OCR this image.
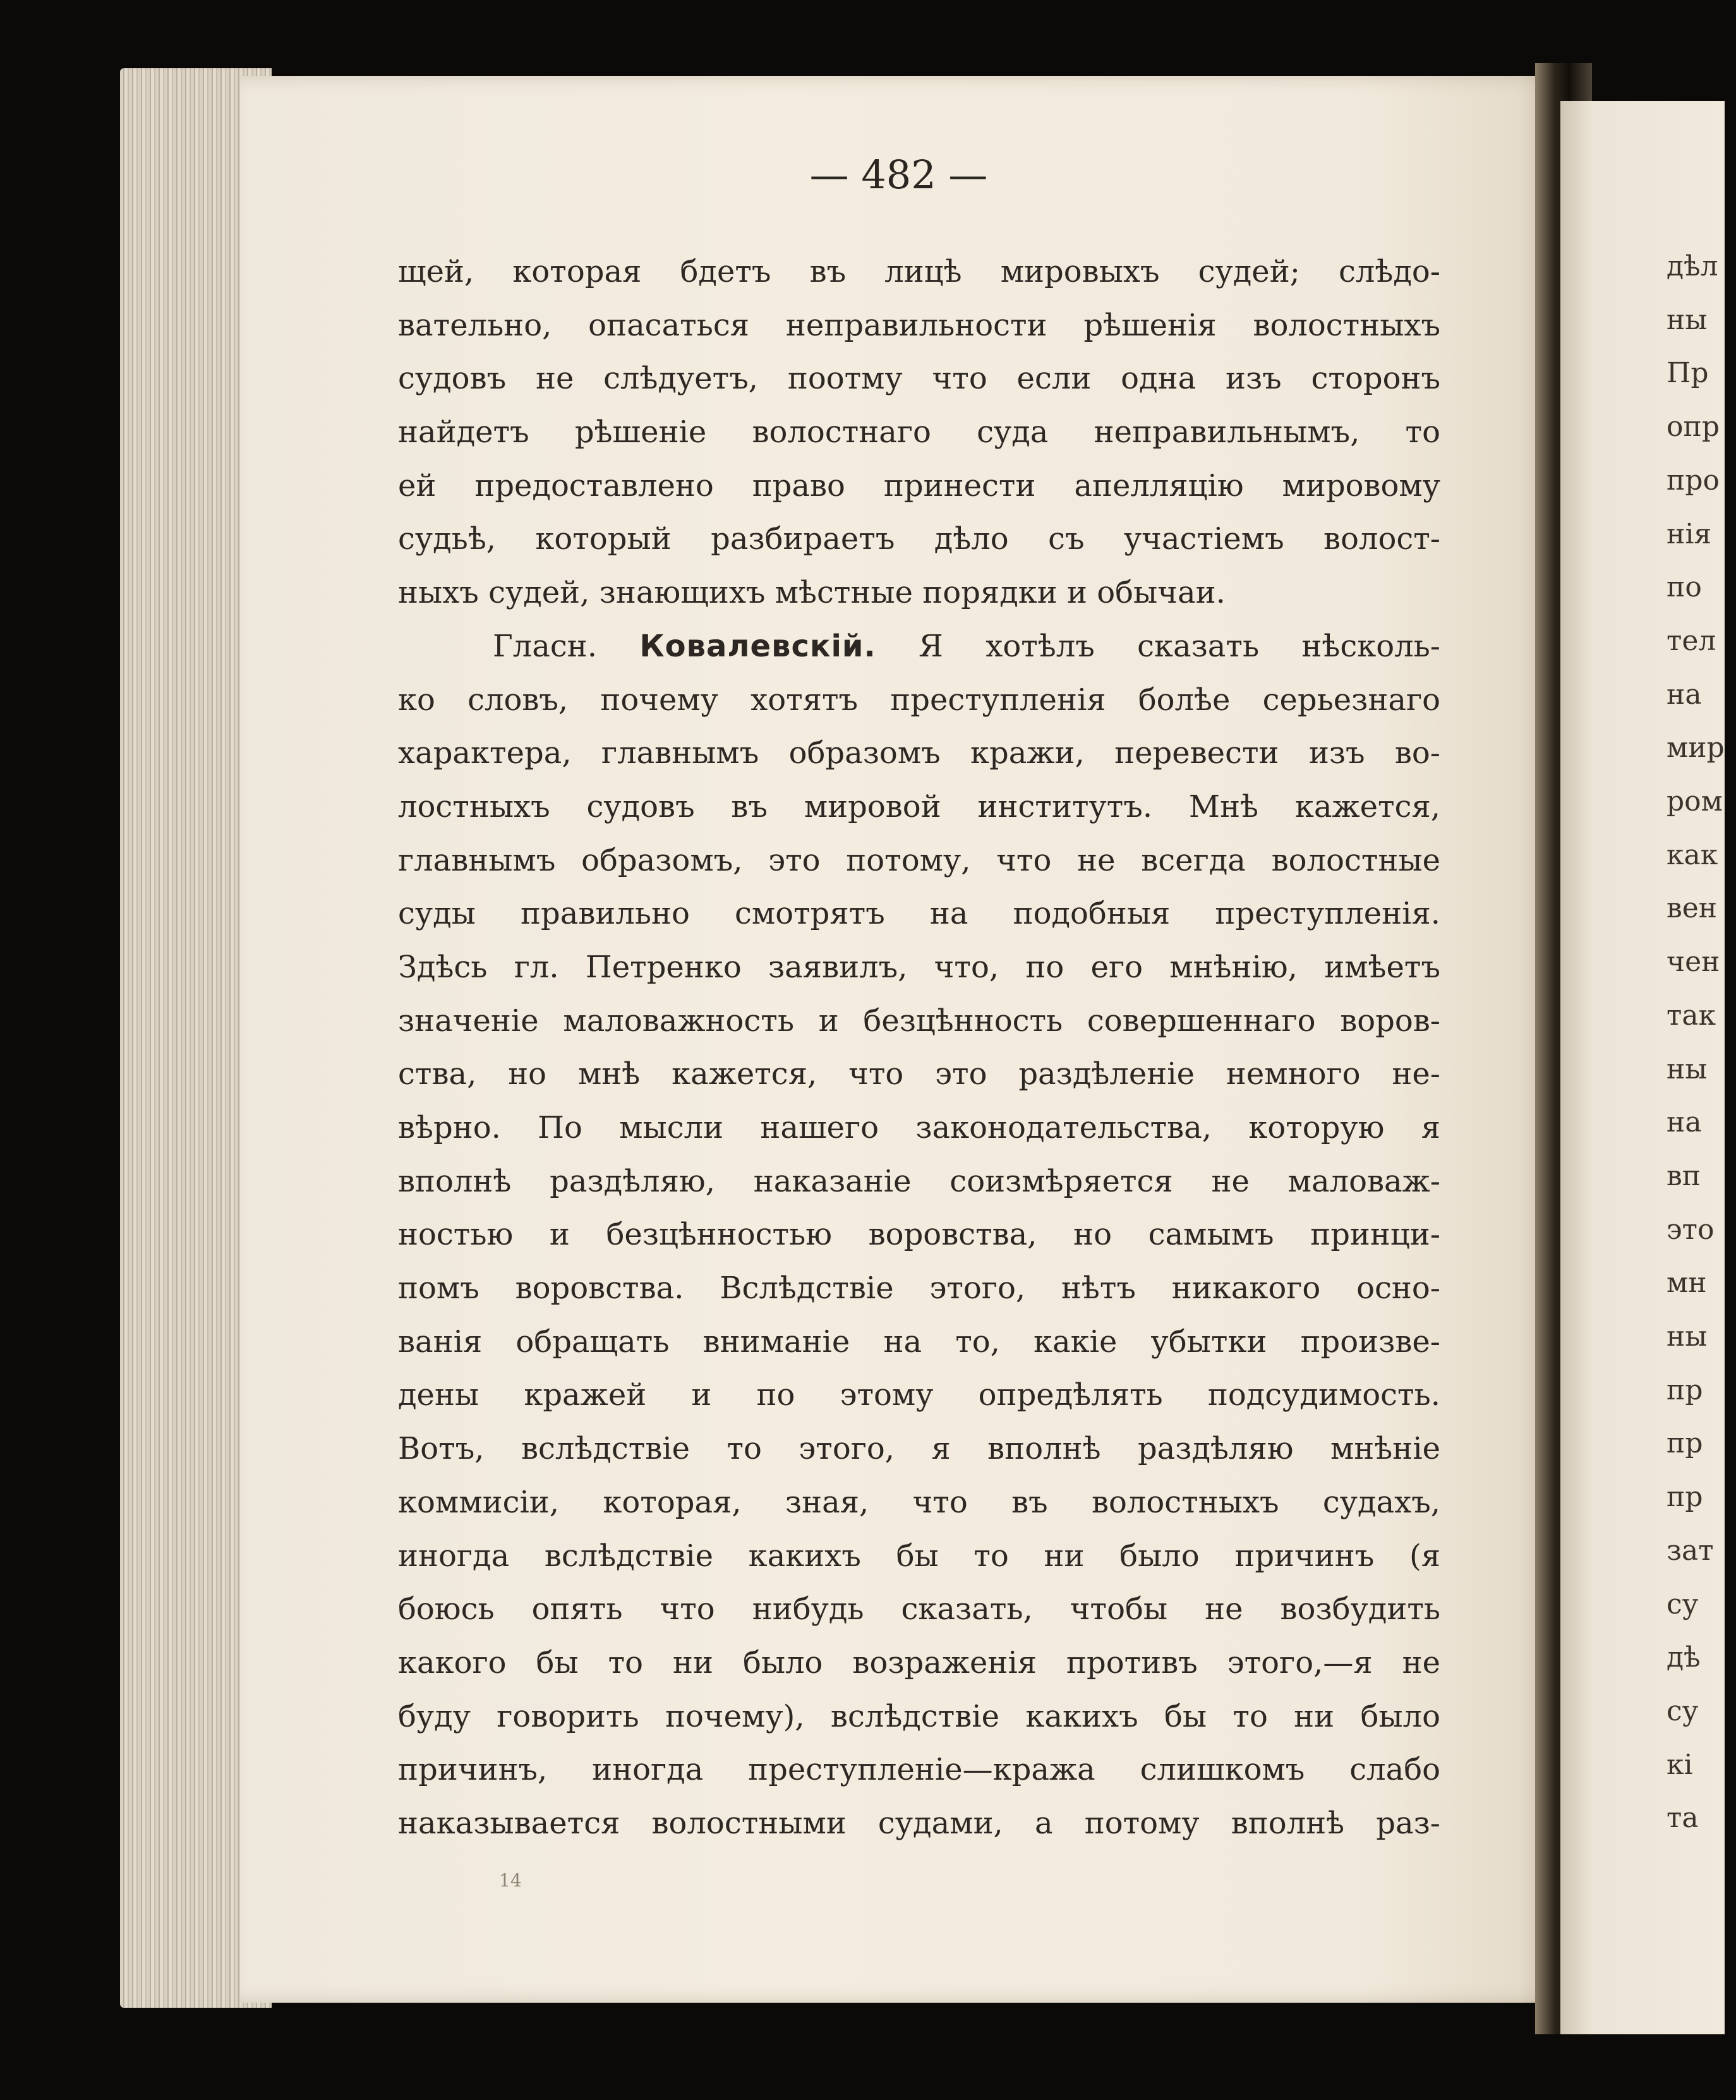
дѣл
ны
Пр
опр
про
нія
по
тел
на
мир
ром
как
вен
чен
так
ны
на
вп
это
мн
ны
пр
пр
пр
зат
су
дѣ
су
кі
та
— 482 —
щей, которая бдетъ въ лицѣ мировыхъ судей; слѣдо-
вательно, опасаться неправильности рѣшенія волостныхъ
судовъ не слѣдуетъ, поотму что если одна изъ сторонъ
найдетъ рѣшеніе волостнаго суда неправильнымъ, то
ей предоставлено право принести апелляцію мировому
судьѣ, который разбираетъ дѣло съ участіемъ волост-
ныхъ судей, знающихъ мѣстные порядки и обычаи.
Гласн. Ковалевскій. Я хотѣлъ сказать нѣсколь-
ко словъ, почему хотятъ преступленія болѣе серьезнаго
характера, главнымъ образомъ кражи, перевести изъ во-
лостныхъ судовъ въ мировой институтъ. Мнѣ кажется,
главнымъ образомъ, это потому, что не всегда волостные
суды правильно смотрятъ на подобныя преступленія.
Здѣсь гл. Петренко заявилъ, что, по его мнѣнію, имѣетъ
значеніе маловажность и безцѣнность совершеннаго воров-
ства, но мнѣ кажется, что это раздѣленіе немного не-
вѣрно. По мысли нашего законодательства, которую я
вполнѣ раздѣляю, наказаніе соизмѣряется не маловаж-
ностью и безцѣнностью воровства, но самымъ принци-
помъ воровства. Вслѣдствіе этого, нѣтъ никакого осно-
ванія обращать вниманіе на то, какіе убытки произве-
дены кражей и по этому опредѣлять подсудимость.
Вотъ, вслѣдствіе то этого, я вполнѣ раздѣляю мнѣніе
коммисіи, которая, зная, что въ волостныхъ судахъ,
иногда вслѣдствіе какихъ бы то ни было причинъ (я
боюсь опять что нибудь сказать, чтобы не возбудить
какого бы то ни было возраженія противъ этого,—я не
буду говорить почему), вслѣдствіе какихъ бы то ни было
причинъ, иногда преступленіе—кража слишкомъ слабо
наказывается волостными судами, а потому вполнѣ раз-
14
